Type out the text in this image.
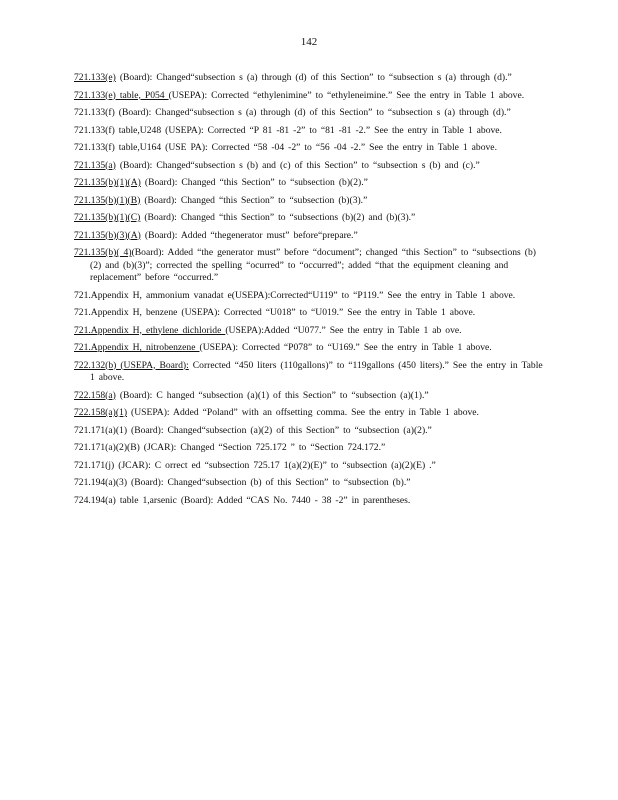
142
721.133(e) (Board): Changed“subsection s (a) through (d) of this Section” to “subsection s (a) through (d).”
721.133(e) table, P054 (USEPA): Corrected “ethylenimine” to “ethyleneimine.” See the entry in Table 1 above.
721.133(f) (Board): Changed“subsection s (a) through (d) of this Section” to “subsection s (a) through (d).”
721.133(f) table,U248 (USEPA): Corrected “P 81 -81 -2” to “81 -81 -2.” See the entry in Table 1 above.
721.133(f) table,U164 (USE PA): Corrected “58 -04 -2” to “56 -04 -2.” See the entry in Table 1 above.
721.135(a) (Board): Changed“subsection s (b) and (c) of this Section” to “subsection s (b) and (c).”
721.135(b)(1)(A) (Board): Changed “this Section” to “subsection (b)(2).”
721.135(b)(1)(B) (Board): Changed “this Section” to “subsection (b)(3).”
721.135(b)(1)(C) (Board): Changed “this Section” to “subsections (b)(2) and (b)(3).”
721.135(b)(3)(A) (Board): Added “thegenerator must” before“prepare.”
721.135(b)( 4)(Board): Added “the generator must” before “document”; changed “this Section” to “subsections (b)(2) and (b)(3)”; corrected the spelling “ocurred” to “occurred”; added “that the equipment cleaning and replacement” before “occurred.”
721.Appendix H, ammonium vanadat e(USEPA):Corrected“U119” to “P119.” See the entry in Table 1 above.
721.Appendix H, benzene (USEPA): Corrected “U018” to “U019.” See the entry in Table 1 above.
721.Appendix H, ethylene dichloride (USEPA):Added “U077.” See the entry in Table 1 ab ove.
721.Appendix H, nitrobenzene (USEPA): Corrected “P078” to “U169.” See the entry in Table 1 above.
722.132(b) (USEPA, Board): Corrected “450 liters (110gallons)” to “119gallons (450 liters).” See the entry in Table 1 above.
722.158(a) (Board): C hanged “subsection (a)(1) of this Section” to “subsection (a)(1).”
722.158(a)(1) (USEPA): Added “Poland” with an offsetting comma. See the entry in Table 1 above.
721.171(a)(1) (Board): Changed“subsection (a)(2) of this Section” to “subsection (a)(2).”
721.171(a)(2)(B) (JCAR): Changed “Section 725.172 ” to “Section 724.172.”
721.171(j) (JCAR): C orrect ed “subsection 725.17 1(a)(2)(E)” to “subsection (a)(2)(E) .”
721.194(a)(3) (Board): Changed“subsection (b) of this Section” to “subsection (b).”
724.194(a) table 1,arsenic (Board): Added “CAS No. 7440 - 38 -2” in parentheses.
